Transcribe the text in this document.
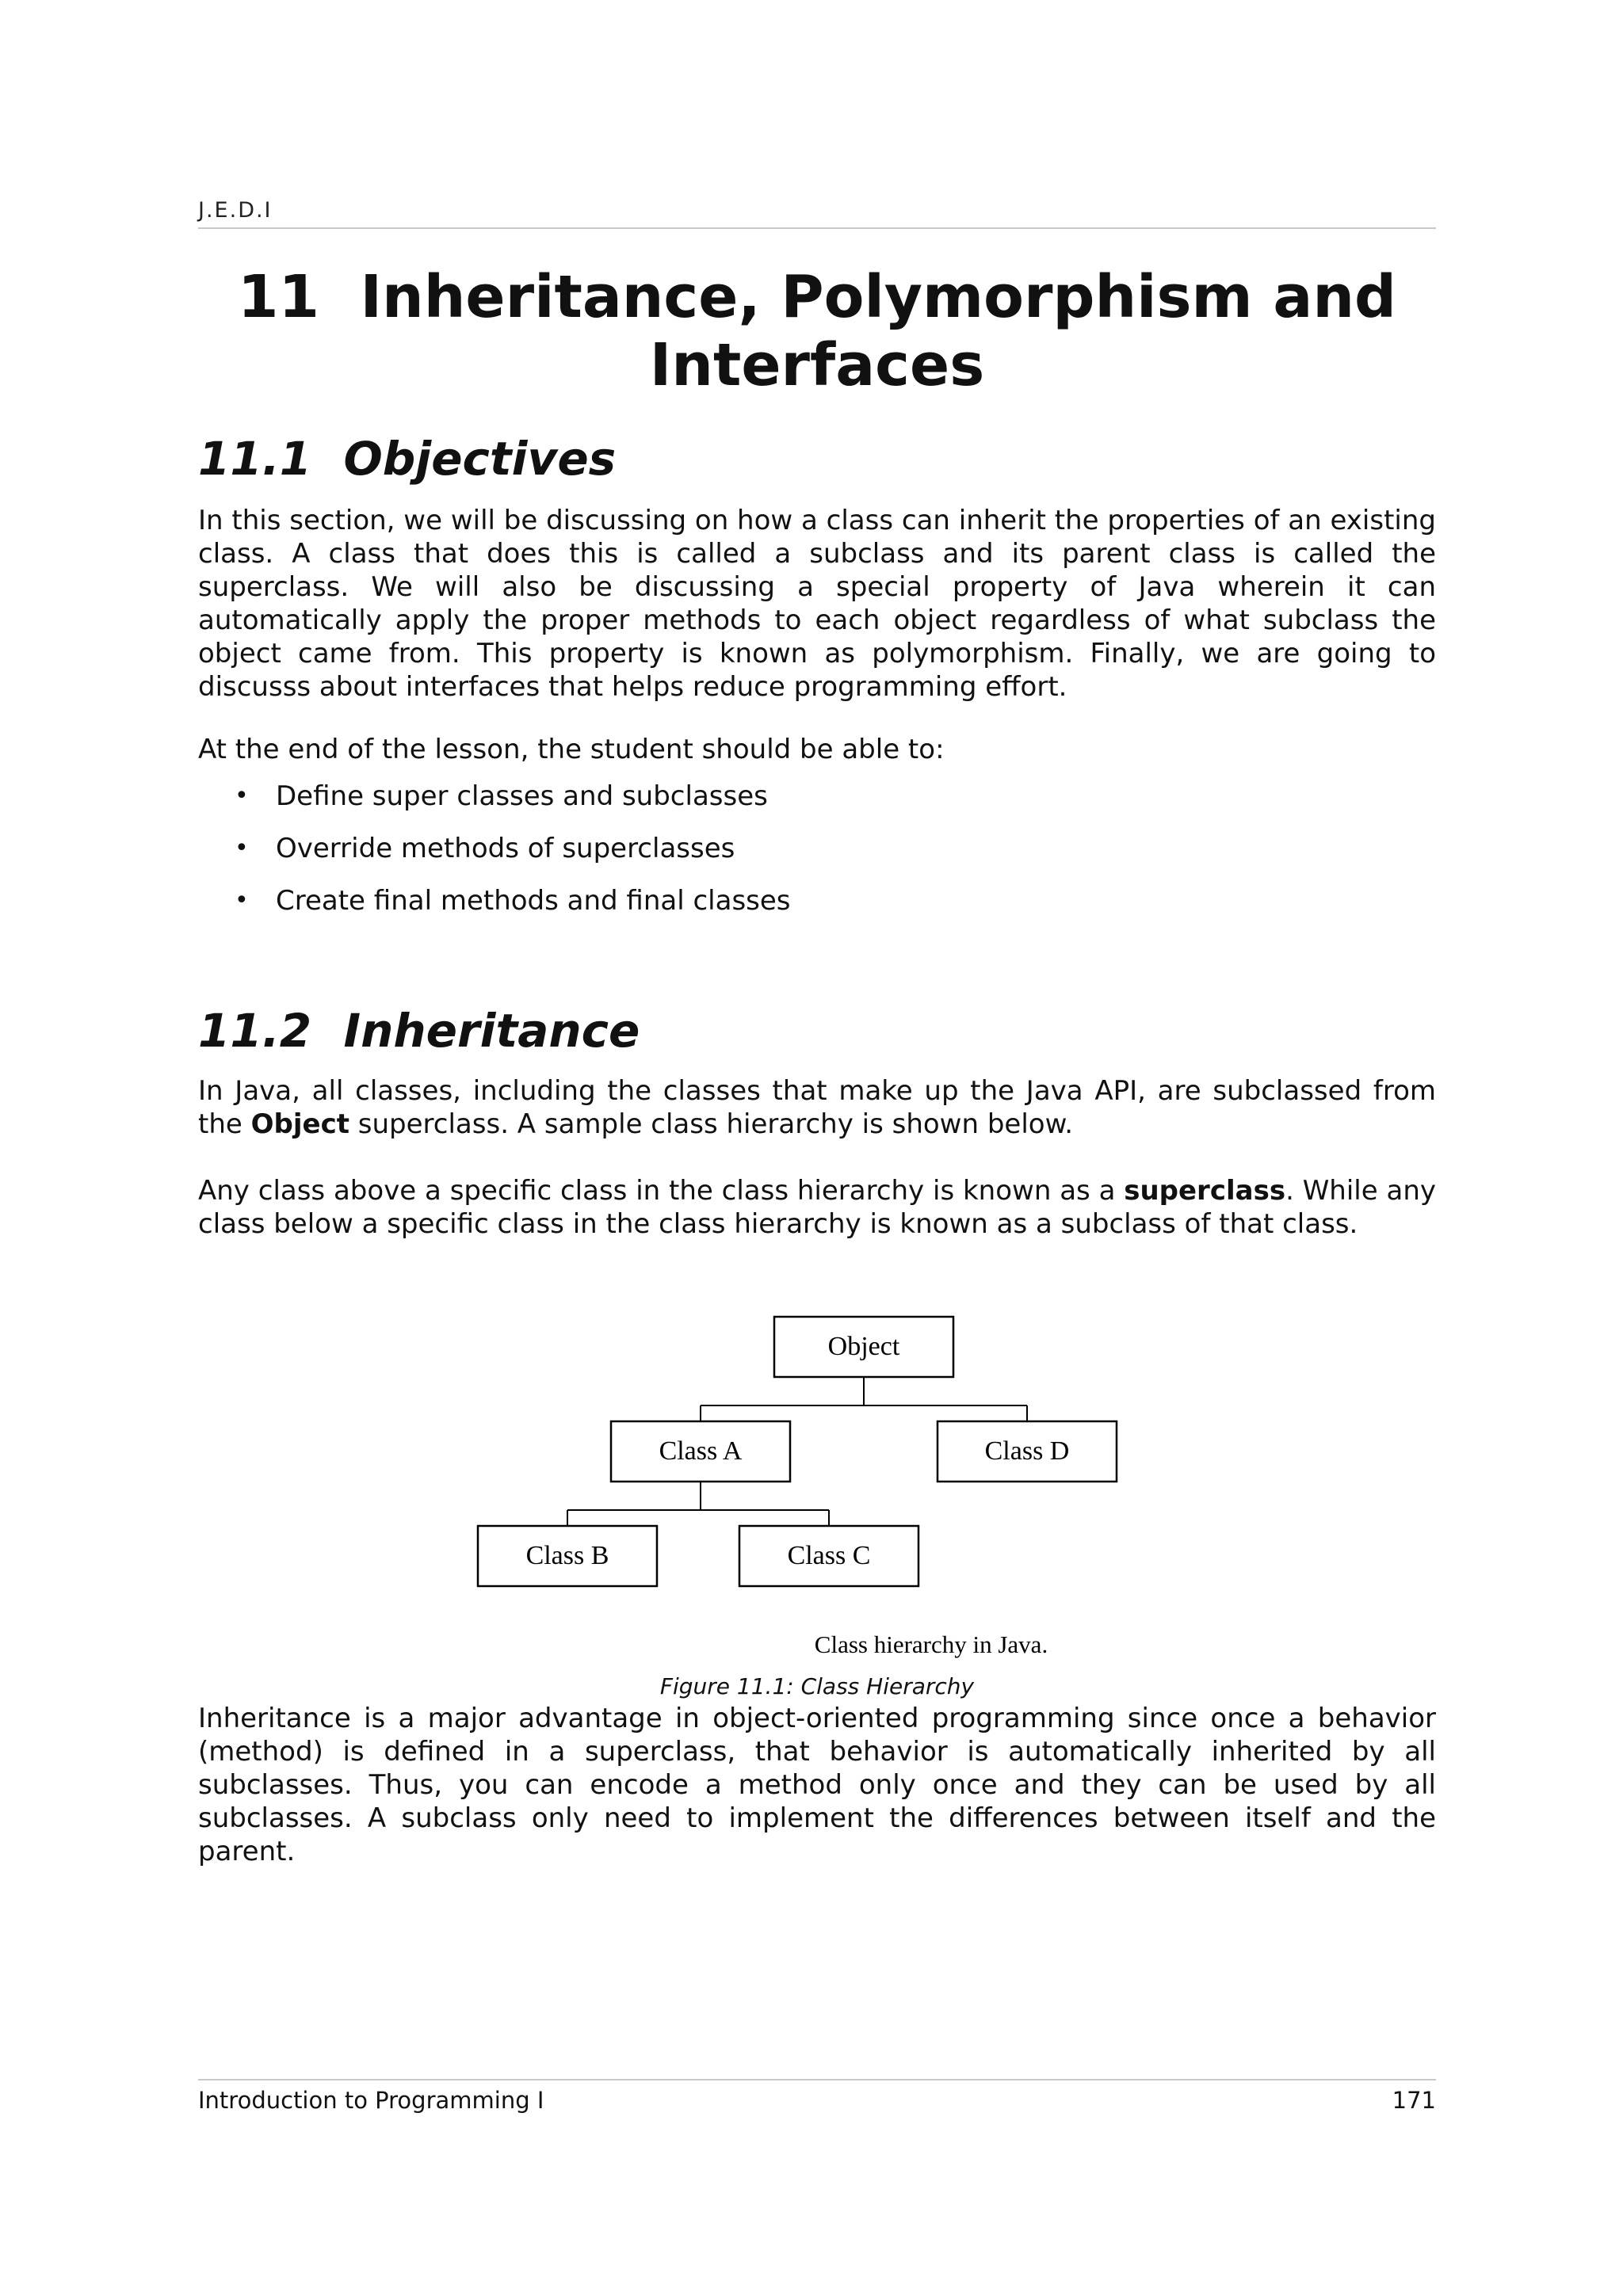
J.E.D.I
11 Inheritance, Polymorphism and Interfaces
11.1 Objectives

In this section, we will be discussing on how a class can inherit the properties of an existing class. A class that does this is called a subclass and its parent class is called the superclass. We will also be discussing a special property of Java wherein it can automatically apply the proper methods to each object regardless of what subclass the object came from. This property is known as polymorphism. Finally, we are going to discusss about interfaces that helps reduce programming effort.

At the end of the lesson, the student should be able to:

• Define super classes and subclasses
• Override methods of superclasses
• Create final methods and final classes
11.2 Inheritance

In Java, all classes, including the classes that make up the Java API, are subclassed from the Object superclass. A sample class hierarchy is shown below.

Any class above a specific class in the class hierarchy is known as a superclass. While any class below a specific class in the class hierarchy is known as a subclass of that class.

Object
Class A	Class D
Class B	Class C
Class hierarchy in Java.
Figure 11.1: Class Hierarchy

Inheritance is a major advantage in object-oriented programming since once a behavior (method) is defined in a superclass, that behavior is automatically inherited by all subclasses. Thus, you can encode a method only once and they can be used by all subclasses. A subclass only need to implement the differences between itself and the parent.

Introduction to Programming I	171
